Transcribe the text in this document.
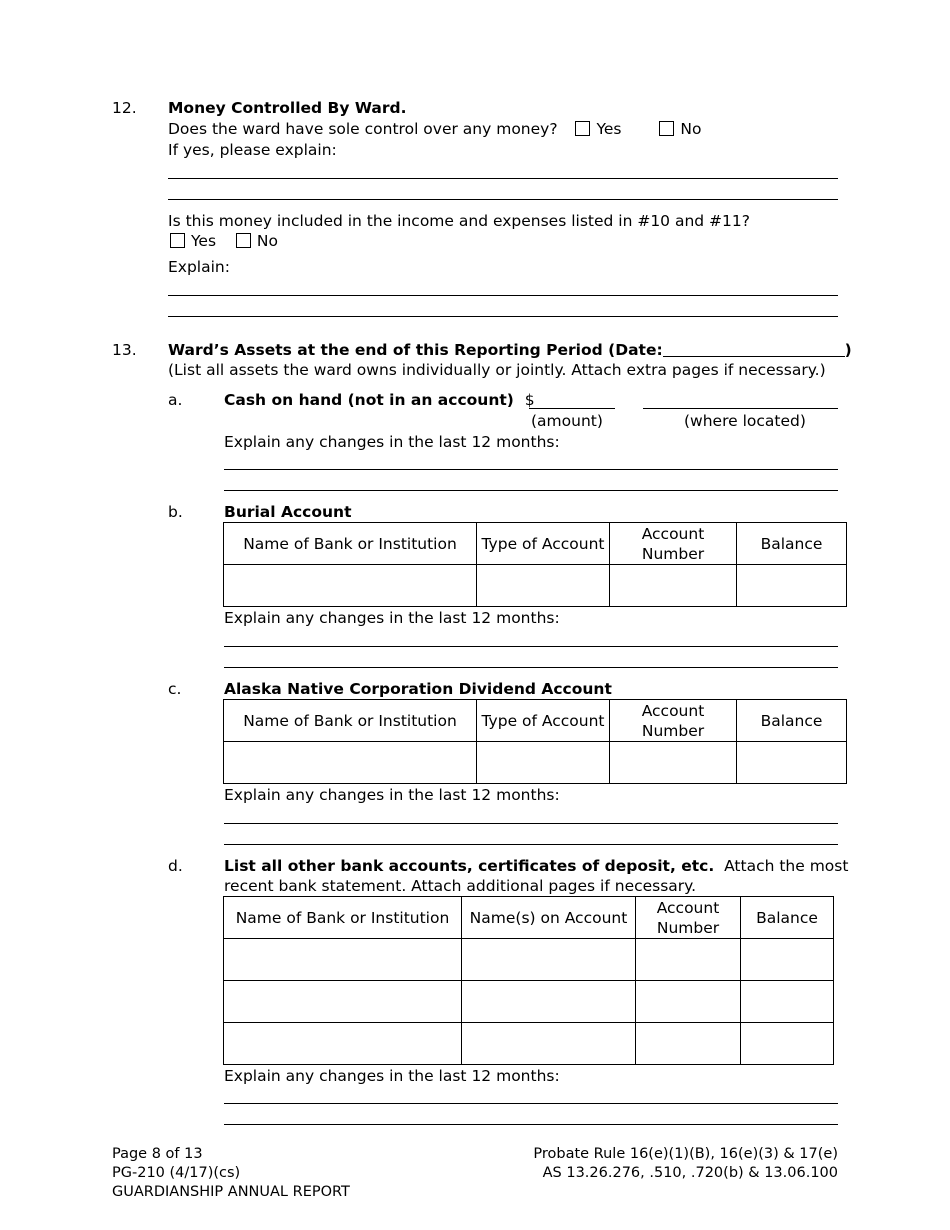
12. Money Controlled By Ward.
Does the ward have sole control over any money?	Yes	No
If yes, please explain:
Is this money included in the income and expenses listed in #10 and #11?
Yes	No
Explain:
13. Ward’s Assets at the end of this Reporting Period (Date:	)
(List all assets the ward owns individually or jointly. Attach extra pages if necessary.)
a.	Cash on hand (not in an account) $
(amount)	(where located)
Explain any changes in the last 12 months:
b.	Burial Account
Name of Bank or Institution	Type of Account	Account Number	Balance

Explain any changes in the last 12 months:
c.	Alaska Native Corporation Dividend Account
Name of Bank or Institution	Type of Account	Account Number	Balance

Explain any changes in the last 12 months:
d.	List all other bank accounts, certificates of deposit, etc.  Attach the most
recent bank statement. Attach additional pages if necessary.
Name of Bank or Institution	Name(s) on Account	Account Number	Balance

Explain any changes in the last 12 months:
Page 8 of 13
PG-210 (4/17)(cs)
GUARDIANSHIP ANNUAL REPORT
Probate Rule 16(e)(1)(B), 16(e)(3) & 17(e)
AS 13.26.276, .510, .720(b) & 13.06.100
